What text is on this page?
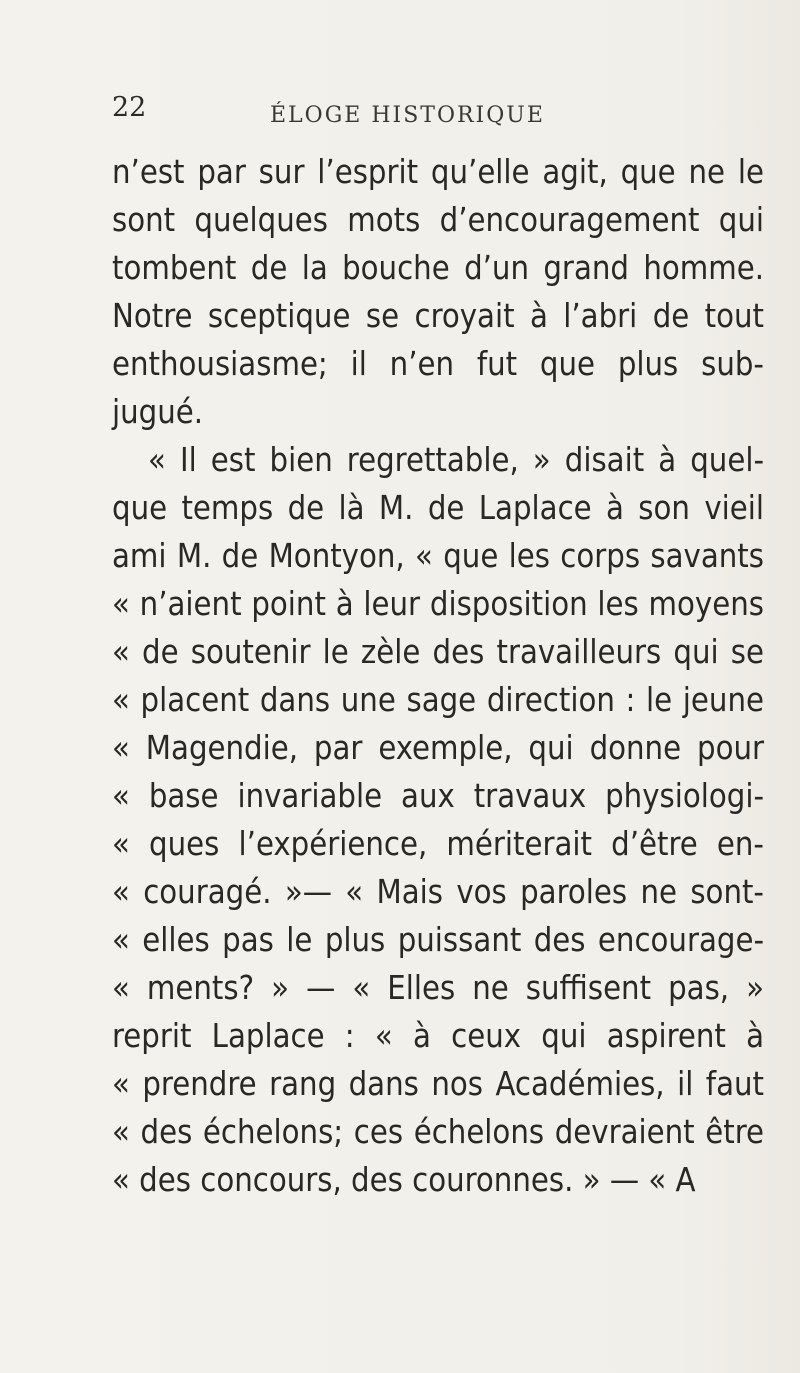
22	ÉLOGE HISTORIQUE
n’est par sur l’esprit qu’elle agit, que ne le
sont quelques mots d’encouragement qui
tombent de la bouche d’un grand homme.
Notre sceptique se croyait à l’abri de tout
enthousiasme; il n’en fut que plus sub-
jugué.
« Il est bien regrettable, » disait à quel-
que temps de là M. de Laplace à son vieil
ami M. de Montyon, « que les corps savants
« n’aient point à leur disposition les moyens
« de soutenir le zèle des travailleurs qui se
« placent dans une sage direction : le jeune
« Magendie, par exemple, qui donne pour
« base invariable aux travaux physiologi-
« ques l’expérience, mériterait d’être en-
« couragé. »— « Mais vos paroles ne sont-
« elles pas le plus puissant des encourage-
« ments? » — « Elles ne suffisent pas, »
reprit Laplace : « à ceux qui aspirent à
« prendre rang dans nos Académies, il faut
« des échelons; ces échelons devraient être
« des concours, des couronnes. » — « A
